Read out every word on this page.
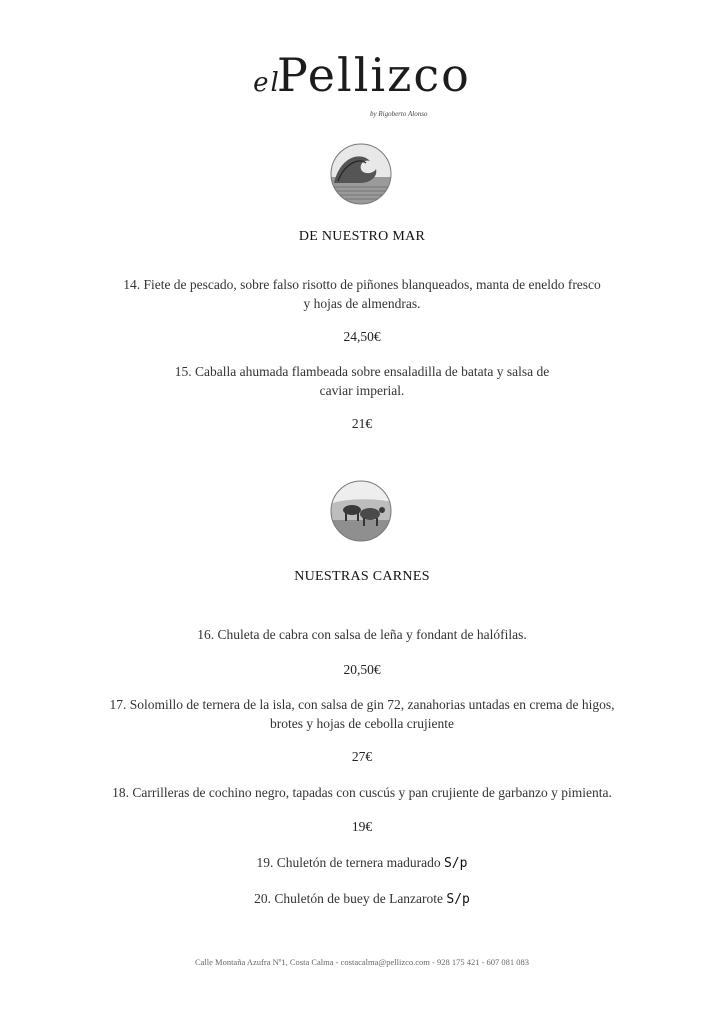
elPellizco
by Rigoberto Alonso
DE NUESTRO MAR
14. Fiete de pescado, sobre falso risotto de piñones blanqueados, manta de eneldo fresco
y hojas de almendras.
24,50€
15. Caballa ahumada flambeada sobre ensaladilla de batata y salsa de
caviar imperial.
21€
NUESTRAS CARNES
16. Chuleta de cabra con salsa de leña y fondant de halófilas.
20,50€
17. Solomillo de ternera de la isla, con salsa de gin 72, zanahorias untadas en crema de higos,
brotes y hojas de cebolla crujiente
27€
18. Carrilleras de cochino negro, tapadas con cuscús y pan crujiente de garbanzo y pimienta.
19€
19. Chuletón de ternera madurado S/p
20. Chuletón de buey de Lanzarote S/p
Calle Montaña Azufra Nº1, Costa Calma - costacalma@pellizco.com - 928 175 421 - 607 081 083
